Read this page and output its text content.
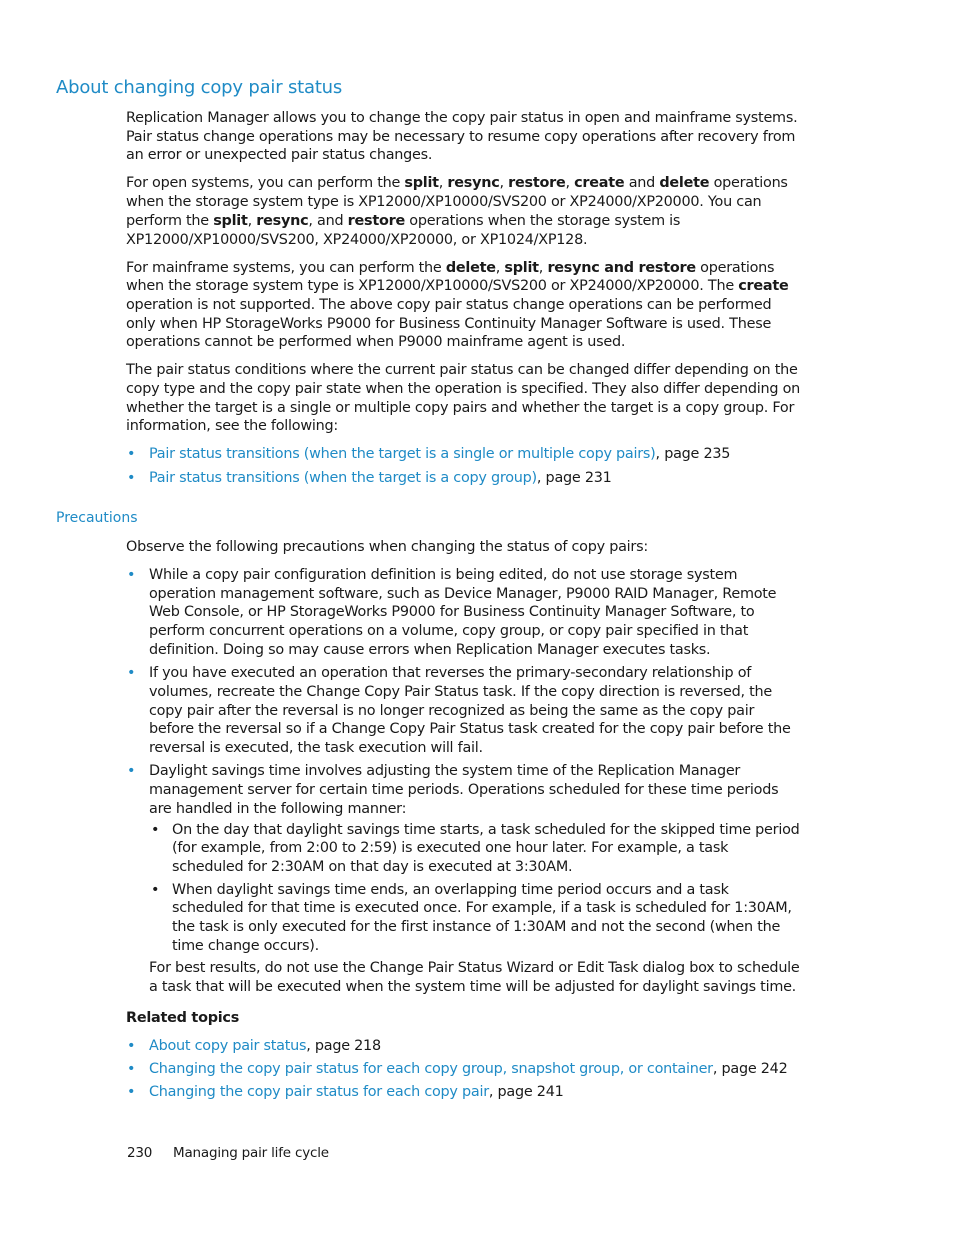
About changing copy pair status

Replication Manager allows you to change the copy pair status in open and mainframe systems. Pair status change operations may be necessary to resume copy operations after recovery from an error or unexpected pair status changes.

For open systems, you can perform the split, resync, restore, create and delete operations when the storage system type is XP12000/XP10000/SVS200 or XP24000/XP20000. You can perform the split, resync, and restore operations when the storage system is XP12000/XP10000/SVS200, XP24000/XP20000, or XP1024/XP128.

For mainframe systems, you can perform the delete, split, resync and restore operations when the storage system type is XP12000/XP10000/SVS200 or XP24000/XP20000. The create operation is not supported. The above copy pair status change operations can be performed only when HP StorageWorks P9000 for Business Continuity Manager Software is used. These operations cannot be performed when P9000 mainframe agent is used.

The pair status conditions where the current pair status can be changed differ depending on the copy type and the copy pair state when the operation is specified. They also differ depending on whether the target is a single or multiple copy pairs and whether the target is a copy group. For information, see the following:

• Pair status transitions (when the target is a single or multiple copy pairs), page 235
• Pair status transitions (when the target is a copy group), page 231
Precautions

Observe the following precautions when changing the status of copy pairs:

• While a copy pair configuration definition is being edited, do not use storage system operation management software, such as Device Manager, P9000 RAID Manager, Remote Web Console, or HP StorageWorks P9000 for Business Continuity Manager Software, to perform concurrent operations on a volume, copy group, or copy pair specified in that definition. Doing so may cause errors when Replication Manager executes tasks.
• If you have executed an operation that reverses the primary-secondary relationship of volumes, recreate the Change Copy Pair Status task. If the copy direction is reversed, the copy pair after the reversal is no longer recognized as being the same as the copy pair before the reversal so if a Change Copy Pair Status task created for the copy pair before the reversal is executed, the task execution will fail.
• Daylight savings time involves adjusting the system time of the Replication Manager management server for certain time periods. Operations scheduled for these time periods are handled in the following manner:
• On the day that daylight savings time starts, a task scheduled for the skipped time period (for example, from 2:00 to 2:59) is executed one hour later. For example, a task scheduled for 2:30AM on that day is executed at 3:30AM.
• When daylight savings time ends, an overlapping time period occurs and a task scheduled for that time is executed once. For example, if a task is scheduled for 1:30AM, the task is only executed for the first instance of 1:30AM and not the second (when the time change occurs).
For best results, do not use the Change Pair Status Wizard or Edit Task dialog box to schedule a task that will be executed when the system time will be adjusted for daylight savings time.
Related topics
• About copy pair status, page 218
• Changing the copy pair status for each copy group, snapshot group, or container, page 242
• Changing the copy pair status for each copy pair, page 241
230 Managing pair life cycle
